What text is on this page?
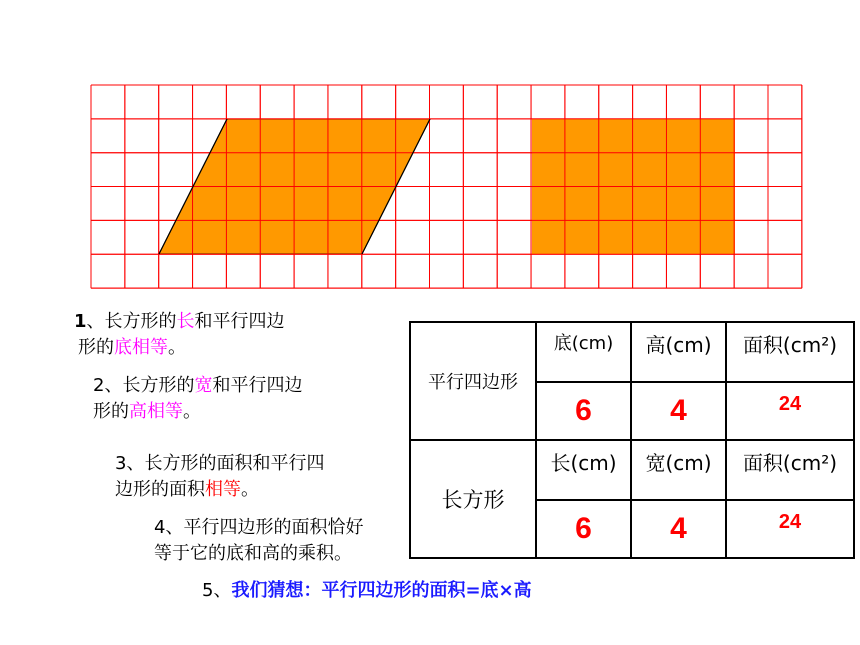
1、长方形的长和平行四边
形的底相等。
2、长方形的宽和平行四边
形的高相等。
3、长方形的面积和平行四
边形的面积相等。
4、平行四边形的面积恰好
等于它的底和高的乘积。
5、我们猜想：平行四边形的面积=底×高
平行四边形	底(cm)	高(cm)	面积(cm²)
	6	4	24
长方形	长(cm)	宽(cm)	面积(cm²)
	6	4	24
